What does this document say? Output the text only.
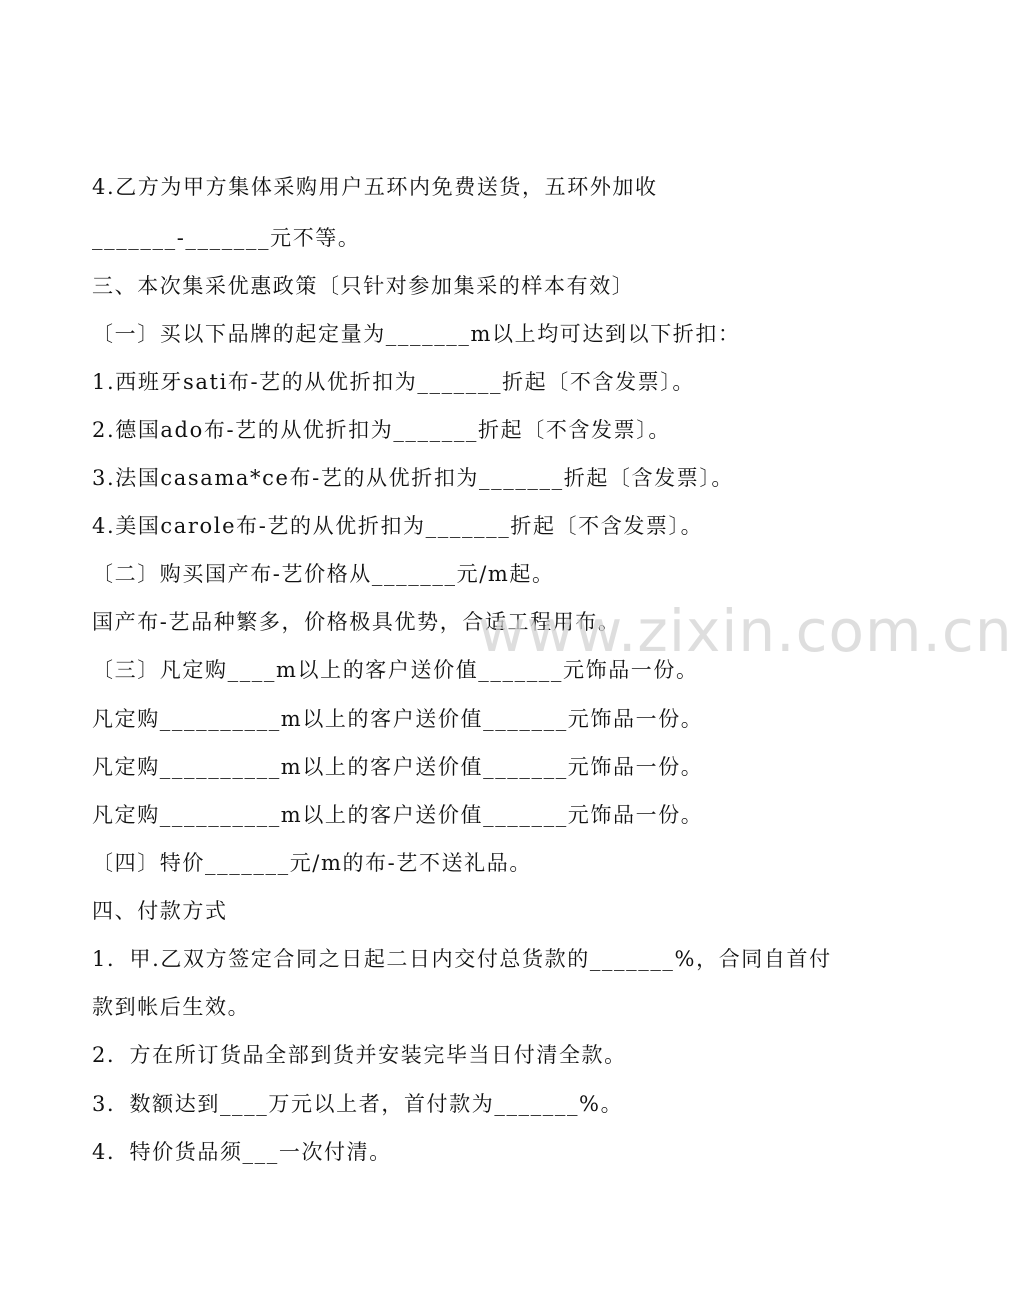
4.乙方为甲方集体采购用户五环内免费送货，五环外加收
_______-_______元不等。
三、本次集采优惠政策〔只针对参加集采的样本有效〕
〔一〕买以下品牌的起定量为_______m以上均可达到以下折扣：
1.西班牙sati布-艺的从优折扣为_______折起〔不含发票〕。
2.德国ado布-艺的从优折扣为_______折起〔不含发票〕。
3.法国casama*ce布-艺的从优折扣为_______折起〔含发票〕。
4.美国carole布-艺的从优折扣为_______折起〔不含发票〕。
〔二〕购买国产布-艺价格从_______元/m起。
国产布-艺品种繁多，价格极具优势，合适工程用布。
〔三〕凡定购____m以上的客户送价值_______元饰品一份。
凡定购__________m以上的客户送价值_______元饰品一份。
凡定购__________m以上的客户送价值_______元饰品一份。
凡定购__________m以上的客户送价值_______元饰品一份。
〔四〕特价_______元/m的布-艺不送礼品。
四、付款方式
1．甲.乙双方签定合同之日起二日内交付总货款的_______%，合同自首付
款到帐后生效。
2．方在所订货品全部到货并安装完毕当日付清全款。
3．数额达到____万元以上者，首付款为_______%。
4．特价货品须___一次付清。
www.zixin.com.cn
